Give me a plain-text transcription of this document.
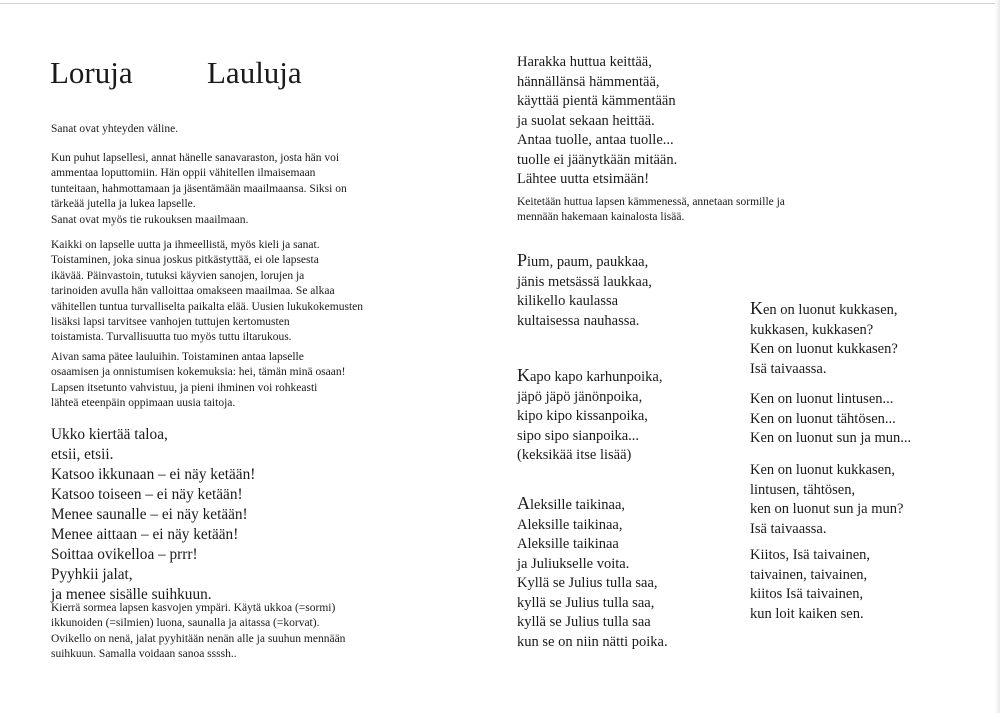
Loruja Lauluja
Sanat ovat yhteyden väline.
Kun puhut lapsellesi, annat hänelle sanavaraston, josta hän voi
ammentaa loputtomiin. Hän oppii vähitellen ilmaisemaan
tunteitaan, hahmottamaan ja jäsentämään maailmaansa. Siksi on
tärkeää jutella ja lukea lapselle.
Sanat ovat myös tie rukouksen maailmaan.
Kaikki on lapselle uutta ja ihmeellistä, myös kieli ja sanat.
Toistaminen, joka sinua joskus pitkästyttää, ei ole lapsesta
ikävää. Päinvastoin, tutuksi käyvien sanojen, lorujen ja
tarinoiden avulla hän valloittaa omakseen maailmaa. Se alkaa
vähitellen tuntua turvalliselta paikalta elää. Uusien lukukokemusten
lisäksi lapsi tarvitsee vanhojen tuttujen kertomusten
toistamista. Turvallisuutta tuo myös tuttu iltarukous.
Aivan sama pätee lauluihin. Toistaminen antaa lapselle
osaamisen ja onnistumisen kokemuksia: hei, tämän minä osaan!
Lapsen itsetunto vahvistuu, ja pieni ihminen voi rohkeasti
lähteä eteenpäin oppimaan uusia taitoja.
Ukko kiertää taloa,
etsii, etsii.
Katsoo ikkunaan – ei näy ketään!
Katsoo toiseen – ei näy ketään!
Menee saunalle – ei näy ketään!
Menee aittaan – ei näy ketään!
Soittaa ovikelloa – prrr!
Pyyhkii jalat,
ja menee sisälle suihkuun.
Kierrä sormea lapsen kasvojen ympäri. Käytä ukkoa (=sormi)
ikkunoiden (=silmien) luona, saunalla ja aitassa (=korvat).
Ovikello on nenä, jalat pyyhitään nenän alle ja suuhun mennään
suihkuun. Samalla voidaan sanoa ssssh..
Harakka huttua keittää,
hännällänsä hämmentää,
käyttää pientä kämmentään
ja suolat sekaan heittää.
Antaa tuolle, antaa tuolle...
tuolle ei jäänytkään mitään.
Lähtee uutta etsimään!
Keitetään huttua lapsen kämmenessä, annetaan sormille ja
mennään hakemaan kainalosta lisää.
Pium, paum, paukkaa,
jänis metsässä laukkaa,
kilikello kaulassa
kultaisessa nauhassa.
Kapo kapo karhunpoika,
jäpö jäpö jänönpoika,
kipo kipo kissanpoika,
sipo sipo sianpoika...
(keksikää itse lisää)
Aleksille taikinaa,
Aleksille taikinaa,
Aleksille taikinaa
ja Juliukselle voita.
Kyllä se Julius tulla saa,
kyllä se Julius tulla saa,
kyllä se Julius tulla saa
kun se on niin nätti poika.
Ken on luonut kukkasen,
kukkasen, kukkasen?
Ken on luonut kukkasen?
Isä taivaassa.
Ken on luonut lintusen...
Ken on luonut tähtösen...
Ken on luonut sun ja mun...
Ken on luonut kukkasen,
lintusen, tähtösen,
ken on luonut sun ja mun?
Isä taivaassa.
Kiitos, Isä taivainen,
taivainen, taivainen,
kiitos Isä taivainen,
kun loit kaiken sen.
